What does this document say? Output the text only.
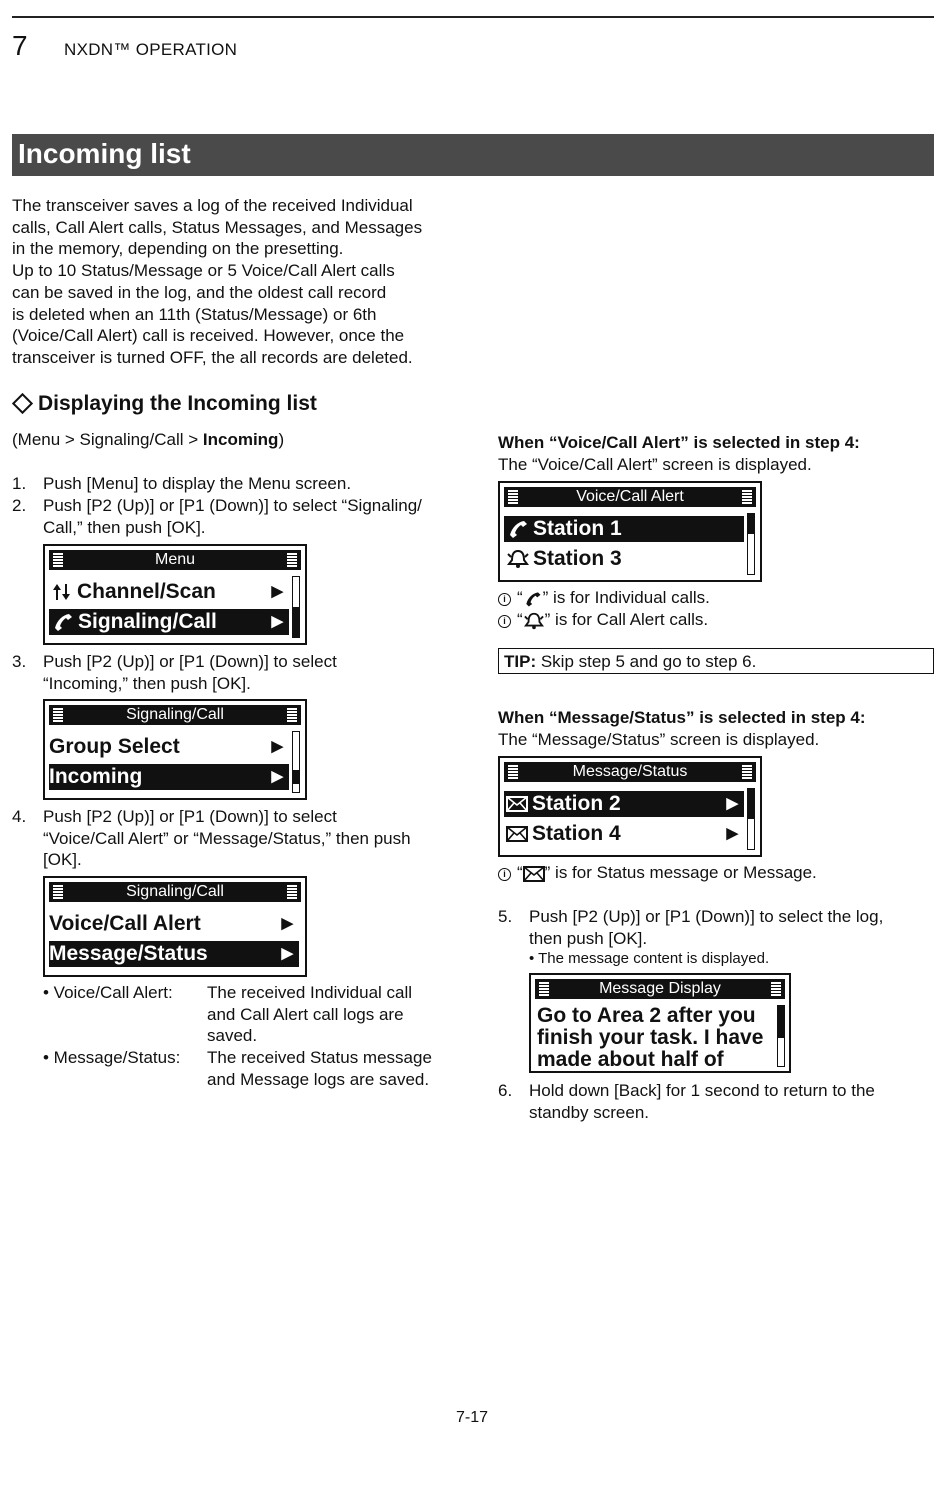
7 NXDN™ OPERATION
Incoming list
The transceiver saves a log of the received Individual
calls, Call Alert calls, Status Messages, and Messages
in the memory, depending on the presetting.
Up to 10 Status/Message or 5 Voice/Call Alert calls
can be saved in the log, and the oldest call record
is deleted when an 11th (Status/Message) or 6th
(Voice/Call Alert) call is received. However, once the
transceiver is turned OFF, the all records are deleted.
Displaying the Incoming list
(Menu > Signaling/Call > Incoming)
1. Push [Menu] to display the Menu screen.
2. Push [P2 (Up)] or [P1 (Down)] to select “Signaling/
Call,” then push [OK].
Menu
Channel/Scan	▶
Signaling/Call	▶
3. Push [P2 (Up)] or [P1 (Down)] to select
“Incoming,” then push [OK].
Signaling/Call
Group Select	▶
Incoming	▶
4. Push [P2 (Up)] or [P1 (Down)] to select
“Voice/Call Alert” or “Message/Status,” then push
[OK].
Signaling/Call
Voice/Call Alert	▶
Message/Status	▶
• Voice/Call Alert: The received Individual call
and Call Alert call logs are
saved.
• Message/Status: The received Status message
and Message logs are saved.
When “Voice/Call Alert” is selected in step 4:
The “Voice/Call Alert” screen is displayed.
Voice/Call Alert
Station 1
Station 3
i “ ” is for Individual calls.
i “ ” is for Call Alert calls.
TIP: Skip step 5 and go to step 6.
When “Message/Status” is selected in step 4:
The “Message/Status” screen is displayed.
Message/Status
Station 2	▶
Station 4	▶
i “ ” is for Status message or Message.
5. Push [P2 (Up)] or [P1 (Down)] to select the log,
then push [OK].
• The message content is displayed.
Message Display
Go to Area 2 after you
finish your task. I have
made about half of
6. Hold down [Back] for 1 second to return to the
standby screen.
7-17
